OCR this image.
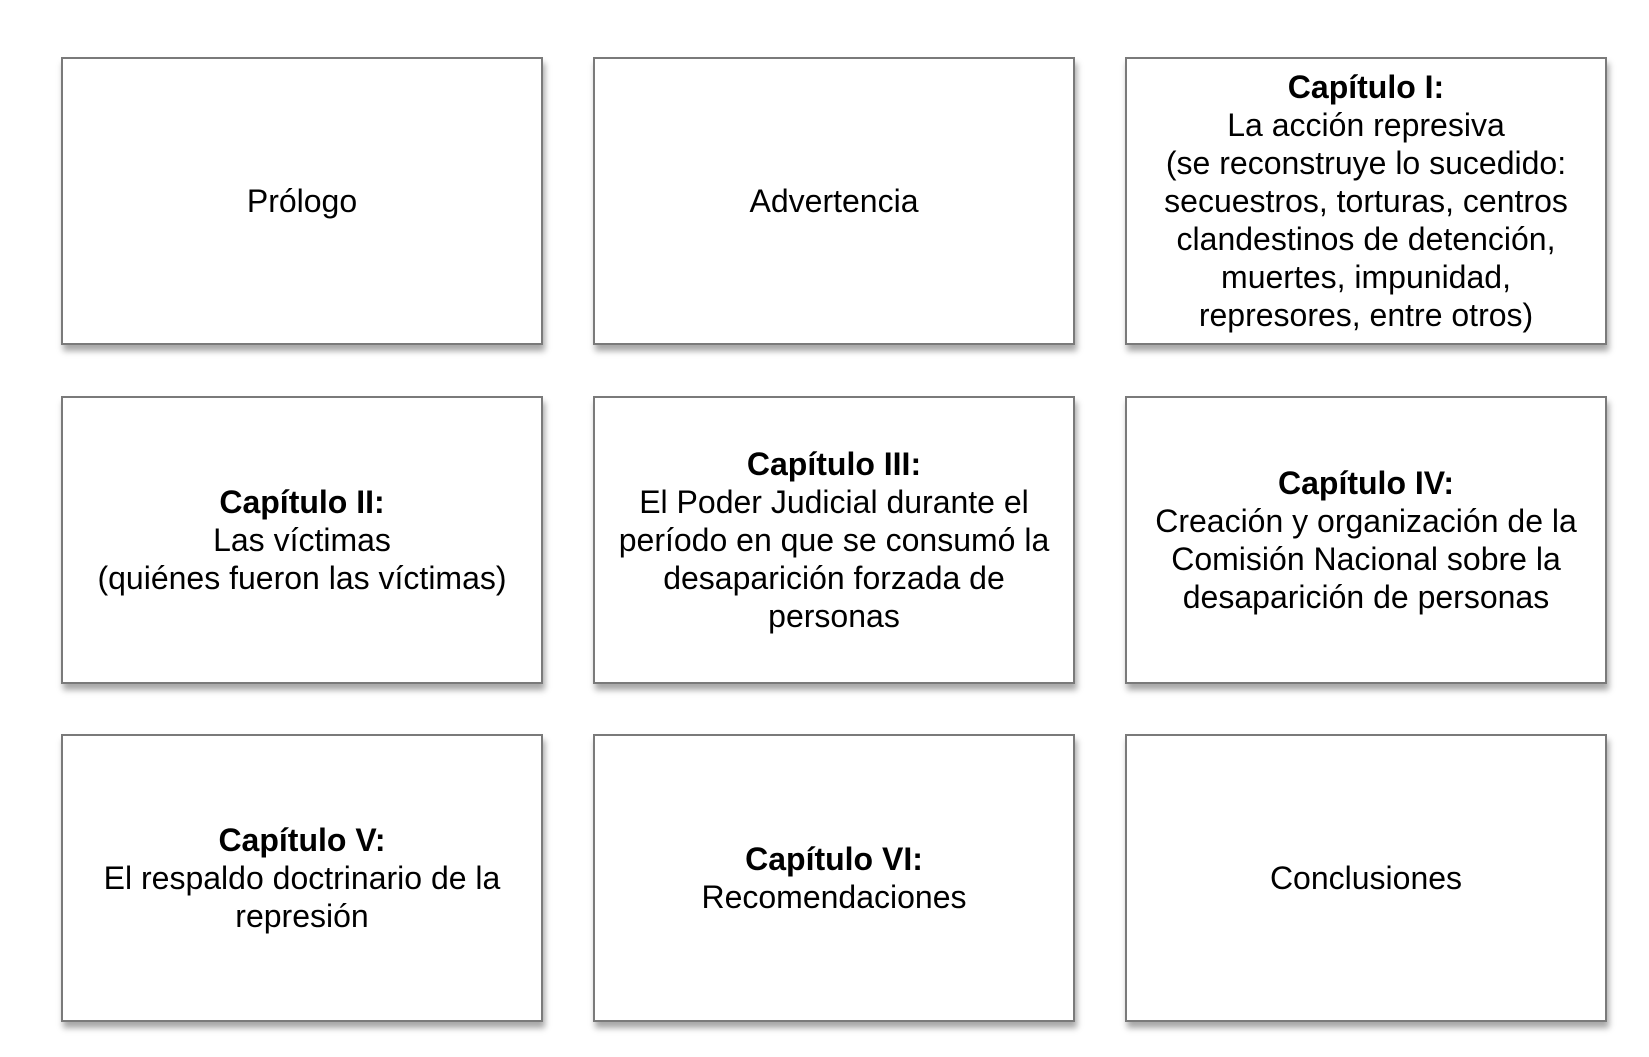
Prólogo	Advertencia
Capítulo I:
La acción represiva
(se reconstruye lo sucedido:
secuestros, torturas, centros
clandestinos de detención,
muertes, impunidad,
represores, entre otros)
Capítulo II:
Las víctimas
(quiénes fueron las víctimas)
Capítulo III:
El Poder Judicial durante el
período en que se consumó la
desaparición forzada de
personas
Capítulo IV:
Creación y organización de la
Comisión Nacional sobre la
desaparición de personas
Capítulo V:
El respaldo doctrinario de la
represión
Capítulo VI:
Recomendaciones
Conclusiones
